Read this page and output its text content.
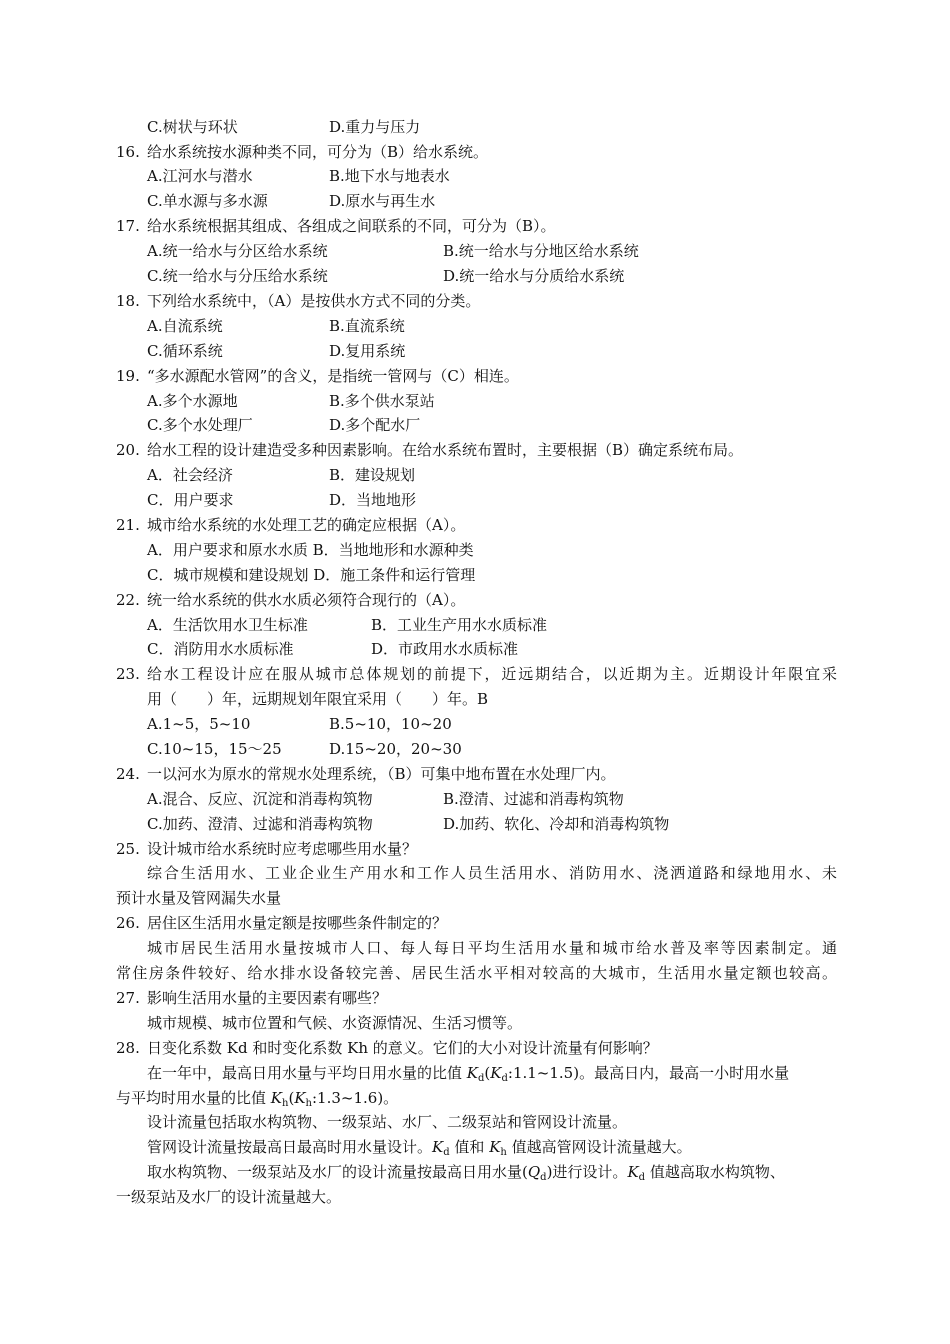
C.树状与环状	D.重力与压力
16. 给水系统按水源种类不同，可分为（B）给水系统。
A.江河水与潜水	B.地下水与地表水
C.单水源与多水源	D.原水与再生水
17. 给水系统根据其组成、各组成之间联系的不同，可分为（B）。
A.统一给水与分区给水系统	B.统一给水与分地区给水系统
C.统一给水与分压给水系统	D.统一给水与分质给水系统
18. 下列给水系统中，（A）是按供水方式不同的分类。
A.自流系统	B.直流系统
C.循环系统	D.复用系统
19. “多水源配水管网”的含义，是指统一管网与（C）相连。
A.多个水源地	B.多个供水泵站
C.多个水处理厂	D.多个配水厂
20. 给水工程的设计建造受多种因素影响。在给水系统布置时，主要根据（B）确定系统布局。
A．社会经济	B．建设规划
C．用户要求	D．当地地形
21. 城市给水系统的水处理工艺的确定应根据（A）。
A．用户要求和原水水质 B．当地地形和水源种类
C．城市规模和建设规划 D．施工条件和运行管理
22. 统一给水系统的供水水质必须符合现行的（A）。
A．生活饮用水卫生标准	B．工业生产用水水质标准
C．消防用水水质标准	D．市政用水水质标准
23. 给水工程设计应在服从城市总体规划的前提下，近远期结合，以近期为主。近期设计年限宜采
用（　　）年，远期规划年限宜采用（　　）年。B
A.1~5，5~10	B.5~10，10~20
C.10~15，15～25	D.15~20，20~30
24. 一以河水为原水的常规水处理系统，（B）可集中地布置在水处理厂内。
A.混合、反应、沉淀和消毒构筑物	B.澄清、过滤和消毒构筑物
C.加药、澄清、过滤和消毒构筑物	D.加药、软化、冷却和消毒构筑物
25. 设计城市给水系统时应考虑哪些用水量？
综合生活用水、工业企业生产用水和工作人员生活用水、消防用水、浇洒道路和绿地用水、未
预计水量及管网漏失水量
26. 居住区生活用水量定额是按哪些条件制定的？
城市居民生活用水量按城市人口、每人每日平均生活用水量和城市给水普及率等因素制定。通
常住房条件较好、给水排水设备较完善、居民生活水平相对较高的大城市，生活用水量定额也较高。
27. 影响生活用水量的主要因素有哪些？
城市规模、城市位置和气候、水资源情况、生活习惯等。
28. 日变化系数 Kd 和时变化系数 Kh 的意义。它们的大小对设计流量有何影响？
在一年中，最高日用水量与平均日用水量的比值 $K_d(K_d:1.1\sim 1.5)$。最高日内，最高一小时用水量
与平均时用水量的比值 $K_h(K_h:1.3\sim 1.6)$。
设计流量包括取水构筑物、一级泵站、水厂、二级泵站和管网设计流量。
管网设计流量按最高日最高时用水量设计。$K_d$ 值和 $K_h$ 值越高管网设计流量越大。
取水构筑物、一级泵站及水厂的设计流量按最高日用水量$(Q_d)$进行设计。$K_d$ 值越高取水构筑物、
一级泵站及水厂的设计流量越大。
